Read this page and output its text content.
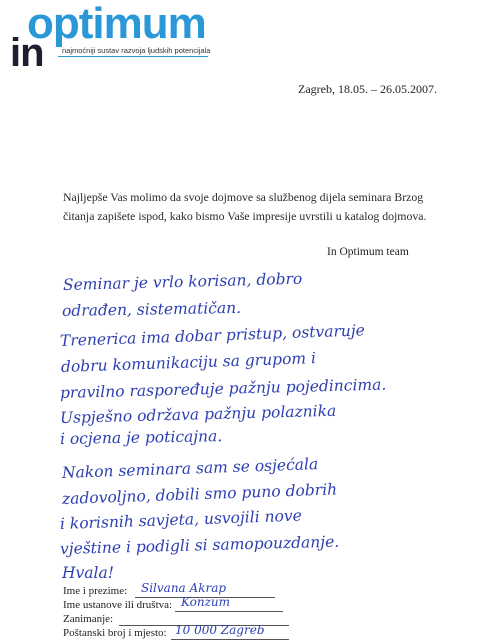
optimum
in najmoćniji sustav razvoja ljudskih potencijala
Zagreb, 18.05. – 26.05.2007.
Najljepše Vas molimo da svoje dojmove sa službenog dijela seminara Brzog
čitanja zapišete ispod, kako bismo Vaše impresije uvrstili u katalog dojmova.
In Optimum team
Seminar je vrlo korisan, dobro
odrađen, sistematičan.
Trenerica ima dobar pristup, ostvaruje
dobru komunikaciju sa grupom i
pravilno raspoređuje pažnju pojedincima.
Uspješno održava pažnju polaznika
i ocjena je poticajna.
Nakon seminara sam se osjećala
zadovoljno, dobili smo puno dobrih
i korisnih savjeta, usvojili nove
vještine i podigli si samopouzdanje.
Hvala!
Ime i prezime: Silvana Akrap
Ime ustanove ili društva: Konzum
Zanimanje:
Poštanski broj i mjesto: 10 000 Zagreb
